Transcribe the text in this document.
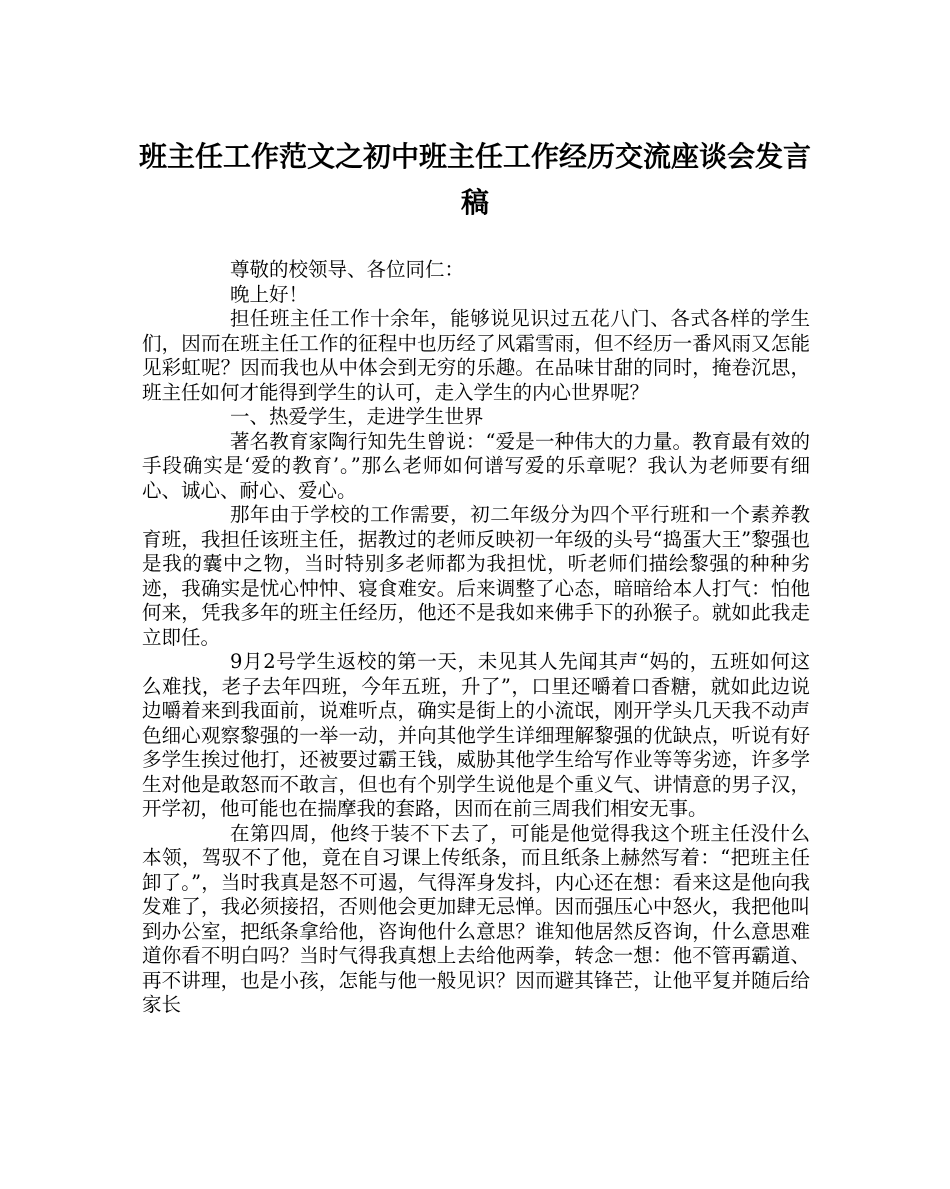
班主任工作范文之初中班主任工作经历交流座谈会发言稿

尊敬的校领导、各位同仁：

晚上好！

担任班主任工作十余年，能够说见识过五花八门、各式各样的学生们，因而在班主任工作的征程中也历经了风霜雪雨，但不经历一番风雨又怎能见彩虹呢？因而我也从中体会到无穷的乐趣。在品味甘甜的同时，掩卷沉思，班主任如何才能得到学生的认可，走入学生的内心世界呢？

一、热爱学生，走进学生世界

著名教育家陶行知先生曾说：“爱是一种伟大的力量。教育最有效的手段确实是‘爱的教育’。”那么老师如何谱写爱的乐章呢？我认为老师要有细心、诚心、耐心、爱心。

那年由于学校的工作需要，初二年级分为四个平行班和一个素养教育班，我担任该班主任，据教过的老师反映初一年级的头号“捣蛋大王”黎强也是我的囊中之物，当时特别多老师都为我担忧，听老师们描绘黎强的种种劣迹，我确实是忧心忡忡、寝食难安。后来调整了心态，暗暗给本人打气：怕他何来，凭我多年的班主任经历，他还不是我如来佛手下的孙猴子。就如此我走立即任。

9月2号学生返校的第一天，未见其人先闻其声“妈的，五班如何这么难找，老子去年四班，今年五班，升了”，口里还嚼着口香糖，就如此边说边嚼着来到我面前，说难听点，确实是街上的小流氓，刚开学头几天我不动声色细心观察黎强的一举一动，并向其他学生详细理解黎强的优缺点，听说有好多学生挨过他打，还被要过霸王钱，威胁其他学生给写作业等等劣迹，许多学生对他是敢怒而不敢言，但也有个别学生说他是个重义气、讲情意的男子汉，开学初，他可能也在揣摩我的套路，因而在前三周我们相安无事。

在第四周，他终于装不下去了，可能是他觉得我这个班主任没什么本领，驾驭不了他，竟在自习课上传纸条，而且纸条上赫然写着：“把班主任卸了。”，当时我真是怒不可遏，气得浑身发抖，内心还在想：看来这是他向我发难了，我必须接招，否则他会更加肆无忌惮。因而强压心中怒火，我把他叫到办公室，把纸条拿给他，咨询他什么意思？谁知他居然反咨询，什么意思难道你看不明白吗？当时气得我真想上去给他两拳，转念一想：他不管再霸道、再不讲理，也是小孩，怎能与他一般见识？因而避其锋芒，让他平复并随后给家长
